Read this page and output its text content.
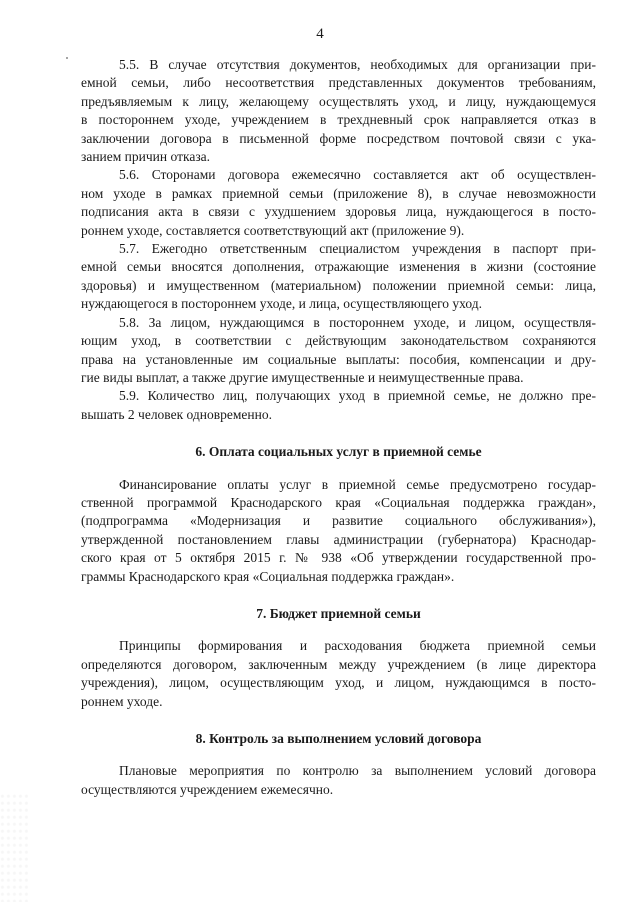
4
5.5. В случае отсутствия документов, необходимых для организации при-
емной семьи, либо несоответствия представленных документов требованиям,
предъявляемым к лицу, желающему осуществлять уход, и лицу, нуждающемуся
в постороннем уходе, учреждением в трехдневный срок направляется отказ в
заключении договора в письменной форме посредством почтовой связи с ука-
занием причин отказа.
5.6. Сторонами договора ежемесячно составляется акт об осуществлен-
ном уходе в рамках приемной семьи (приложение 8), в случае невозможности
подписания акта в связи с ухудшением здоровья лица, нуждающегося в посто-
роннем уходе, составляется соответствующий акт (приложение 9).
5.7. Ежегодно ответственным специалистом учреждения в паспорт при-
емной семьи вносятся дополнения, отражающие изменения в жизни (состояние
здоровья) и имущественном (материальном) положении приемной семьи: лица,
нуждающегося в постороннем уходе, и лица, осуществляющего уход.
5.8. За лицом, нуждающимся в постороннем уходе, и лицом, осуществля-
ющим уход, в соответствии с действующим законодательством сохраняются
права на установленные им социальные выплаты: пособия, компенсации и дру-
гие виды выплат, а также другие имущественные и неимущественные права.
5.9. Количество лиц, получающих уход в приемной семье, не должно пре-
вышать 2 человек одновременно.
6. Оплата социальных услуг в приемной семье
Финансирование оплаты услуг в приемной семье предусмотрено государ-
ственной программой Краснодарского края «Социальная поддержка граждан»,
(подпрограмма «Модернизация и развитие социального обслуживания»),
утвержденной постановлением главы администрации (губернатора) Краснодар-
ского края от 5 октября 2015 г. № 938 «Об утверждении государственной про-
граммы Краснодарского края «Социальная поддержка граждан».
7. Бюджет приемной семьи
Принципы формирования и расходования бюджета приемной семьи
определяются договором, заключенным между учреждением (в лице директора
учреждения), лицом, осуществляющим уход, и лицом, нуждающимся в посто-
роннем уходе.
8. Контроль за выполнением условий договора
Плановые мероприятия по контролю за выполнением условий договора
осуществляются учреждением ежемесячно.
